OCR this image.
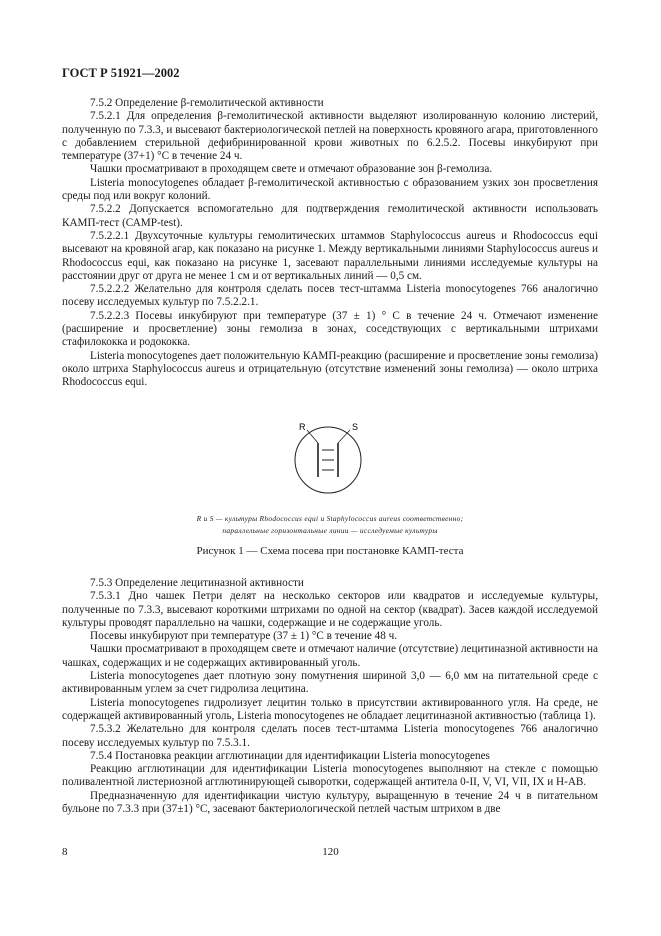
ГОСТ Р 51921—2002

7.5.2 Определение β-гемолитической активности

7.5.2.1 Для определения β-гемолитической активности выделяют изолированную колонию листерий, полученную по 7.3.3, и высевают бактериологической петлей на поверхность кровяного агара, приготовленного с добавлением стерильной дефибринированной крови животных по 6.2.5.2. Посевы инкубируют при температуре (37+1) °С в течение 24 ч.

Чашки просматривают в проходящем свете и отмечают образование зон β-гемолиза.

Listeria monocytogenes обладает β-гемолитической активностью с образованием узких зон просветления среды под или вокруг колоний.

7.5.2.2 Допускается вспомогательно для подтверждения гемолитической активности использовать КАМП-тест (САМР-test).

7.5.2.2.1 Двухсуточные культуры гемолитических штаммов Staphylococcus aureus и Rhodococcus equi высевают на кровяной агар, как показано на рисунке 1. Между вертикальными линиями Staphylococcus aureus и Rhodococcus equi, как показано на рисунке 1, засевают параллельными линиями исследуемые культуры на расстоянии друг от друга не менее 1 см и от вертикальных линий — 0,5 см.

7.5.2.2.2 Желательно для контроля сделать посев тест-штамма Listeria monocytogenes 766 аналогично посеву исследуемых культур по 7.5.2.2.1.

7.5.2.2.3 Посевы инкубируют при температуре (37 ± 1) ° С в течение 24 ч. Отмечают изменение (расширение и просветление) зоны гемолиза в зонах, соседствующих с вертикальными штрихами стафилококка и родококка.

Listeria monocytogenes дает положительную КАМП-реакцию (расширение и просветление зоны гемолиза) около штриха Staphylococcus aureus и отрицательную (отсутствие изменений зоны гемолиза) — около штриха Rhodococcus equi.

R	S
R и S — культуры Rhodococcus equi и Staphylococcus aureus соответственно;
параллельные горизонтальные линии — исследуемые культуры
Рисунок 1 — Схема посева при постановке КАМП-теста

7.5.3 Определение лецитиназной активности

7.5.3.1 Дно чашек Петри делят на несколько секторов или квадратов и исследуемые культуры, полученные по 7.3.3, высевают короткими штрихами по одной на сектор (квадрат). Засев каждой исследуемой культуры проводят параллельно на чашки, содержащие и не содержащие уголь.

Посевы инкубируют при температуре (37 ± 1) °С в течение 48 ч.

Чашки просматривают в проходящем свете и отмечают наличие (отсутствие) лецитиназной активности на чашках, содержащих и не содержащих активированный уголь.

Listeria monocytogenes дает плотную зону помутнения шириной 3,0 — 6,0 мм на питательной среде с активированным углем за счет гидролиза лецитина.

Listeria monocytogenes гидролизует лецитин только в присутствии активированного угля. На среде, не содержащей активированный уголь, Listeria monocytogenes не обладает лецитиназной активностью (таблица 1).

7.5.3.2 Желательно для контроля сделать посев тест-штамма Listeria monocytogenes 766 аналогично посеву исследуемых культур по 7.5.3.1.

7.5.4 Постановка реакции агглютинации для идентификации Listeria monocytogenes

Реакцию агглютинации для идентификации Listeria monocytogenes выполняют на стекле с помощью поливалентной листериозной агглютинирующей сыворотки, содержащей антитела 0-II, V, VI, VII, IX и Н-АВ.

Предназначенную для идентификации чистую культуру, выращенную в течение 24 ч в питательном бульоне по 7.3.3 при (37±1) °С, засевают бактериологической петлей частым штрихом в две

8	120
